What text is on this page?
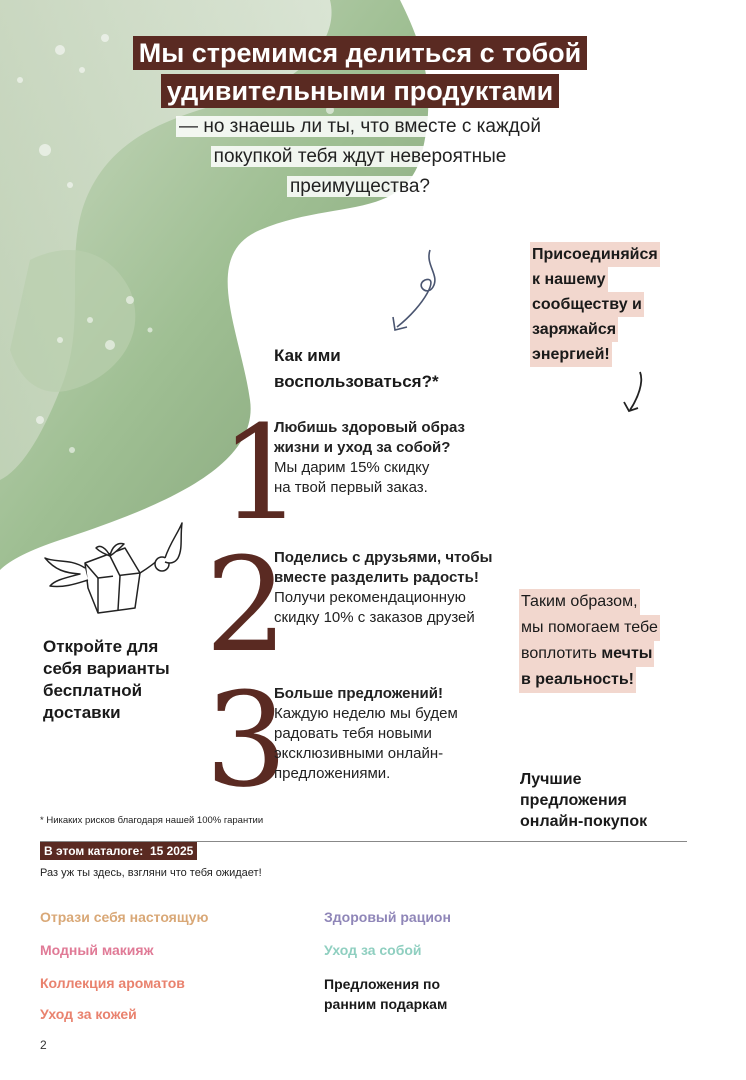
Мы стремимся делиться с тобой
удивительными продуктами
— но знаешь ли ты, что вместе с каждой
покупкой тебя ждут невероятные
преимущества?
Присоединяйся
к нашему
сообществу и
заряжайся
энергией!
Как ими
воспользоваться?*
1
Любишь здоровый образ
жизни и уход за собой?
Мы дарим 15% скидку
на твой первый заказ.
2
Поделись с друзьями, чтобы
вместе разделить радость!
Получи рекомендационную
скидку 10% с заказов друзей
3
Больше предложений!
Каждую неделю мы будем
радовать тебя новыми
эксклюзивными онлайн-
предложениями.
Откройте для
себя варианты
бесплатной
доставки
Таким образом,
мы помогаем тебе
воплотить мечты
в реальность!
Лучшие
предложения
онлайн-покупок
* Никаких рисков благодаря нашей 100% гарантии
В этом каталоге: 15 2025
Раз уж ты здесь, взгляни что тебя ожидает!
Отрази себя настоящую
Модный макияж
Коллекция ароматов
Уход за кожей
Здоровый рацион
Уход за собой
Предложения по
ранним подаркам
2
